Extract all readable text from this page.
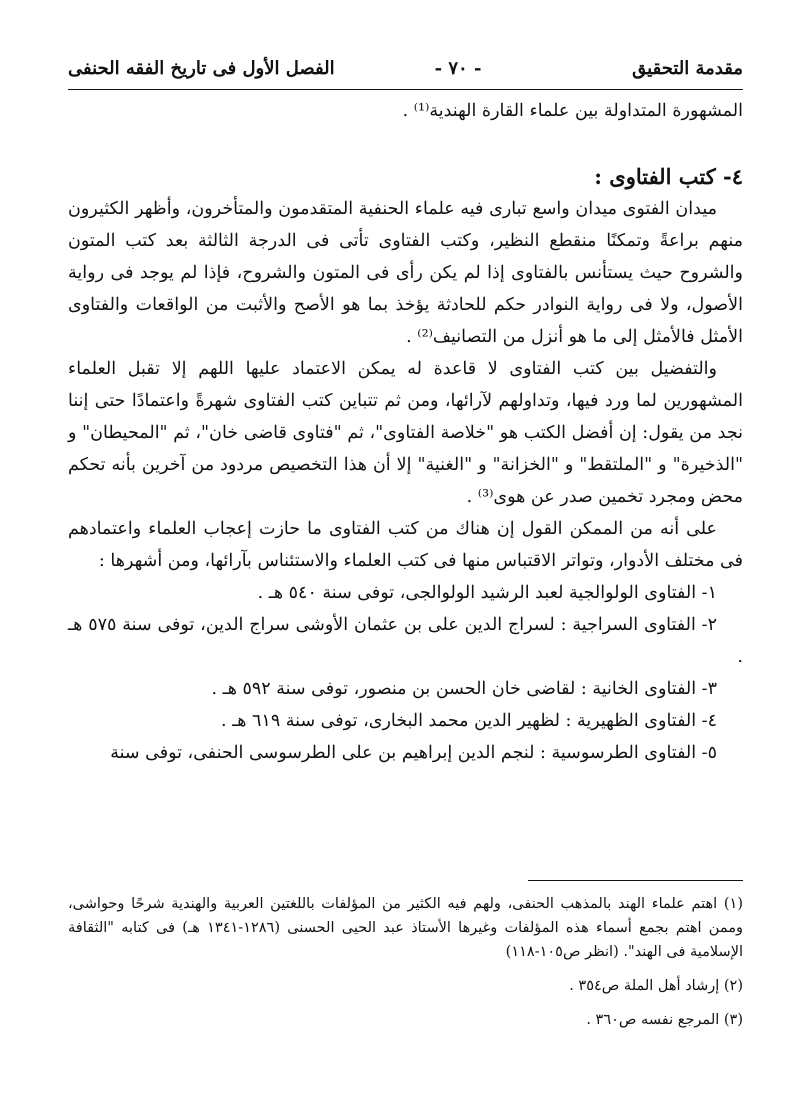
مقدمة التحقيق
- ٧٠ -
الفصل الأول فى تاريخ الفقه الحنفى

المشهورة المتداولة بين علماء القارة الهندية⁽¹⁾ .

٤- كتب الفتاوى :

ميدان الفتوى ميدان واسع تبارى فيه علماء الحنفية المتقدمون والمتأخرون، وأظهر الكثيرون منهم براعةً وتمكنًا منقطع النظير، وكتب الفتاوى تأتى فى الدرجة الثالثة بعد كتب المتون والشروح حيث يستأنس بالفتاوى إذا لم يكن رأى فى المتون والشروح، فإذا لم يوجد فى رواية الأصول، ولا فى رواية النوادر حكم للحادثة يؤخذ بما هو الأصح والأثبت من الواقعات والفتاوى الأمثل فالأمثل إلى ما هو أنزل من التصانيف⁽²⁾ .

والتفضيل بين كتب الفتاوى لا قاعدة له يمكن الاعتماد عليها اللهم إلا تقبل العلماء المشهورين لما ورد فيها، وتداولهم لآرائها، ومن ثم تتباين كتب الفتاوى شهرةً واعتمادًا حتى إننا نجد من يقول: إن أفضل الكتب هو "خلاصة الفتاوى"، ثم "فتاوى قاضى خان"، ثم "المحيطان" و "الذخيرة" و "الملتقط" و "الخزانة" و "الغنية" إلا أن هذا التخصيص مردود من آخرين بأنه تحكم محض ومجرد تخمين صدر عن هوى⁽³⁾ .

على أنه من الممكن القول إن هناك من كتب الفتاوى ما حازت إعجاب العلماء واعتمادهم فى مختلف الأدوار، وتواتر الاقتباس منها فى كتب العلماء والاستئناس بآرائها، ومن أشهرها :

١- الفتاوى الولوالجية لعبد الرشيد الولوالجى، توفى سنة ٥٤٠ هـ .

٢- الفتاوى السراجية : لسراج الدين على بن عثمان الأوشى سراج الدين، توفى سنة ٥٧٥ هـ .

٣- الفتاوى الخانية : لقاضى خان الحسن بن منصور، توفى سنة ٥٩٢ هـ .

٤- الفتاوى الظهيرية : لظهير الدين محمد البخارى، توفى سنة ٦١٩ هـ .

٥- الفتاوى الطرسوسية : لنجم الدين إبراهيم بن على الطرسوسى الحنفى، توفى سنة

(١) اهتم علماء الهند بالمذهب الحنفى، ولهم فيه الكثير من المؤلفات باللغتين العربية والهندية شرحًا وحواشى، وممن اهتم بجمع أسماء هذه المؤلفات وغيرها الأستاذ عبد الحيى الحسنى (١٢٨٦-١٣٤١ هـ) فى كتابه "الثقافة الإسلامية فى الهند". (انظر ص١٠٥-١١٨)

(٢) إرشاد أهل الملة ص٣٥٤ .

(٣) المرجع نفسه ص٣٦٠ .
